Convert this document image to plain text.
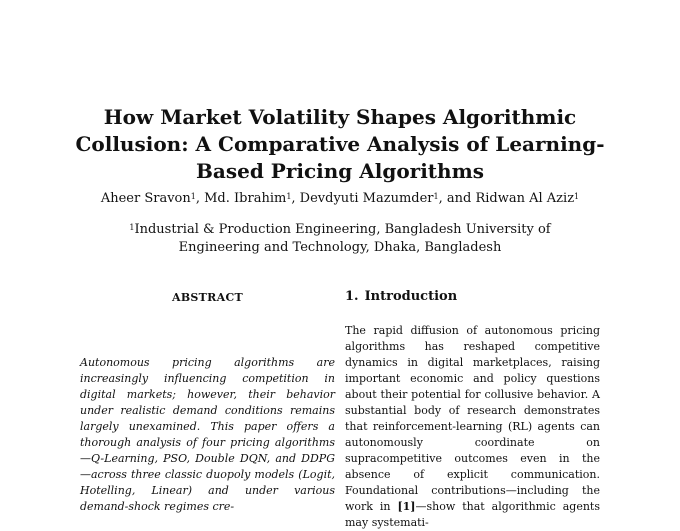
How Market Volatility Shapes Algorithmic Collusion: A Comparative Analysis of Learning-Based Pricing Algorithms
Aheer Sravon$^1$, Md. Ibrahim$^1$, Devdyuti Mazumder$^1$, and Ridwan Al Aziz$^1$
$^1$Industrial & Production Engineering, Bangladesh University of Engineering and Technology, Dhaka, Bangladesh
ABSTRACT

Autonomous pricing algorithms are increasingly influencing competition in digital markets; however, their behavior under realistic demand conditions remains largely unexamined. This paper offers a thorough analysis of four pricing algorithms—Q-Learning, PSO, Double DQN, and DDPG—across three classic duopoly models (Logit, Hotelling, Linear) and under various demand-shock regimes cre-

1. Introduction

The rapid diffusion of autonomous pricing algorithms has reshaped competitive dynamics in digital marketplaces, raising important economic and policy questions about their potential for collusive behavior. A substantial body of research demonstrates that reinforcement-learning (RL) agents can autonomously coordinate on supracompetitive outcomes even in the absence of explicit communication. Foundational contributions—including the work in [1]—show that algorithmic agents may systemati-
